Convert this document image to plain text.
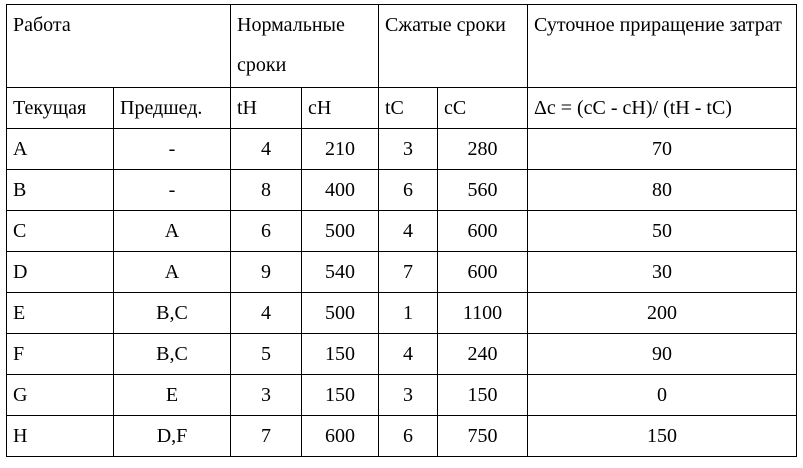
Работа		Нормальные сроки		Сжатые сроки		Суточное приращение затрат

Текущая	Предшед.	tН	cН	tС	cС	Δc = (cC - cH)/ (tH - tC)
A	-	4	210	3	280	70
B	-	8	400	6	560	80
C	A	6	500	4	600	50
D	A	9	540	7	600	30
E	B,C	4	500	1	1100	200
F	B,C	5	150	4	240	90
G	E	3	150	3	150	0
H	D,F	7	600	6	750	150
